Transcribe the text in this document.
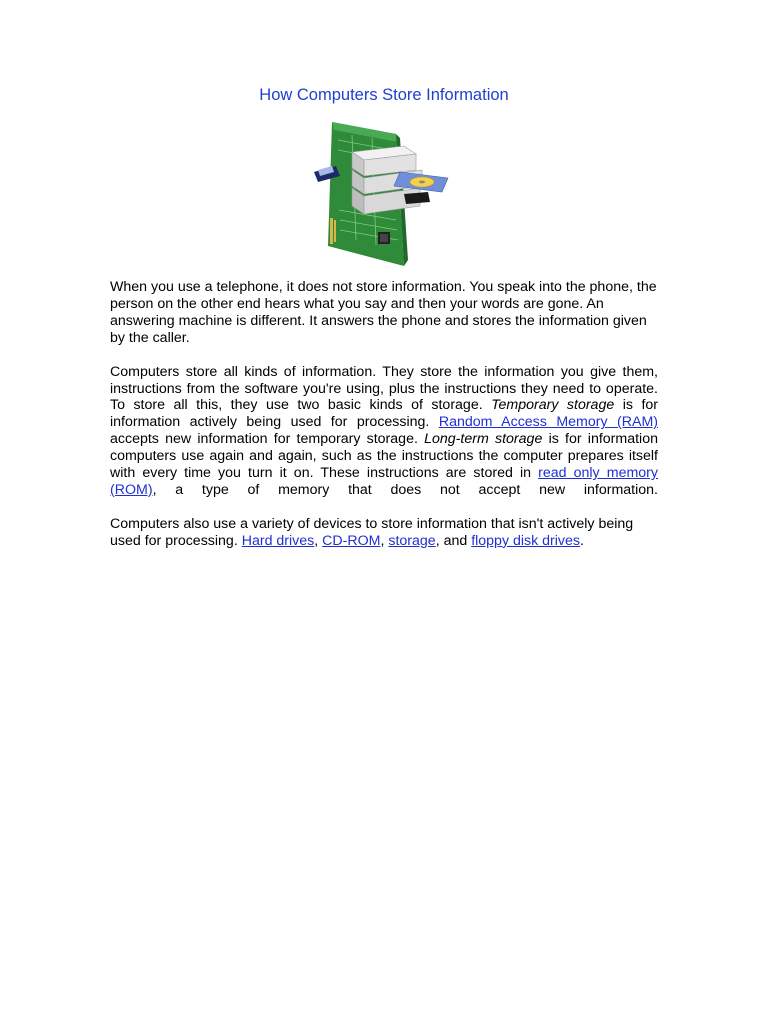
How Computers Store Information

When you use a telephone, it does not store information. You speak into the phone, the person on the other end hears what you say and then your words are gone. An answering machine is different. It answers the phone and stores the information given by the caller.

Computers store all kinds of information. They store the information you give them, instructions from the software you're using, plus the instructions they need to operate. To store all this, they use two basic kinds of storage. Temporary storage is for information actively being used for processing. Random Access Memory (RAM) accepts new information for temporary storage. Long-term storage is for information computers use again and again, such as the instructions the computer prepares itself with every time you turn it on. These instructions are stored in read only memory (ROM), a type of memory that does not accept new information.

Computers also use a variety of devices to store information that isn't actively being used for processing. Hard drives, CD-ROM, storage, and floppy disk drives.
